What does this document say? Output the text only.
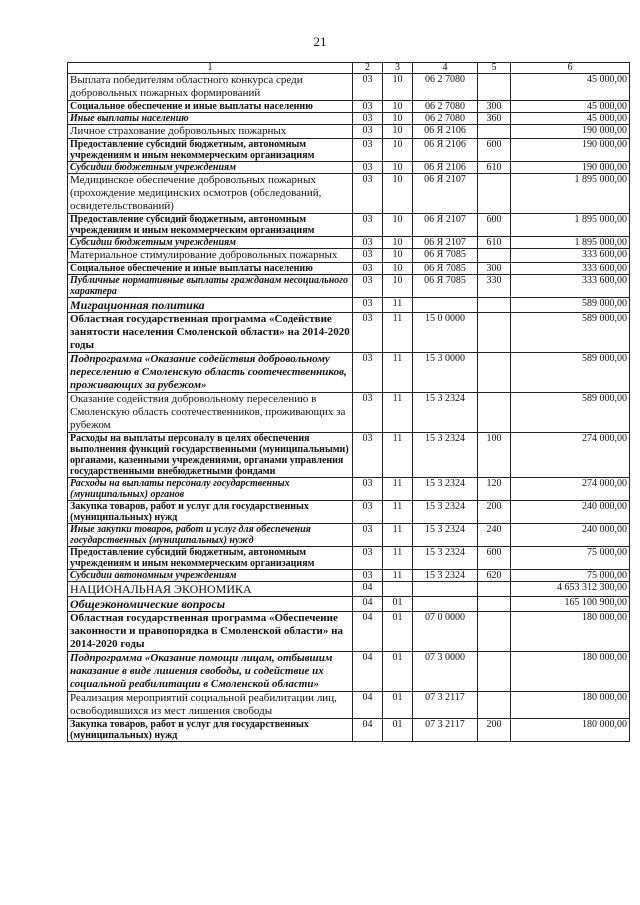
21
1	2	3	4	5	6
Выплата победителям областного конкурса среди добровольных пожарных формирований	03	10	06 2 7080		45 000,00
Социальное обеспечение и иные выплаты населению	03	10	06 2 7080	300	45 000,00
Иные выплаты населению	03	10	06 2 7080	360	45 000,00
Личное страхование добровольных пожарных	03	10	06 Я 2106		190 000,00
Предоставление субсидий бюджетным, автономным учреждениям и иным некоммерческим организациям	03	10	06 Я 2106	600	190 000,00
Субсидии бюджетным учреждениям	03	10	06 Я 2106	610	190 000,00
Медицинское обеспечение добровольных пожарных (прохождение медицинских осмотров (обследований, освидетельствований)	03	10	06 Я 2107		1 895 000,00
Предоставление субсидий бюджетным, автономным учреждениям и иным некоммерческим организациям	03	10	06 Я 2107	600	1 895 000,00
Субсидии бюджетным учреждениям	03	10	06 Я 2107	610	1 895 000,00
Материальное стимулирование добровольных пожарных	03	10	06 Я 7085		333 600,00
Социальное обеспечение и иные выплаты населению	03	10	06 Я 7085	300	333 600,00
Публичные нормативные выплаты гражданам несоциального характера	03	10	06 Я 7085	330	333 600,00
Миграционная политика	03	11			589 000,00
Областная государственная программа «Содействие занятости населения Смоленской области» на 2014-2020 годы	03	11	15 0 0000		589 000,00
Подпрограмма «Оказание содействия добровольному переселению в Смоленскую область соотечественников, проживающих за рубежом»	03	11	15 3 0000		589 000,00
Оказание содействия добровольному переселению в Смоленскую область соотечественников, проживающих за рубежом	03	11	15 3 2324		589 000,00
Расходы на выплаты персоналу в целях обеспечения выполнения функций государственными (муниципальными) органами, казенными учреждениями, органами управления государственными внебюджетными фондами	03	11	15 3 2324	100	274 000,00
Расходы на выплаты персоналу государственных (муниципальных) органов	03	11	15 3 2324	120	274 000,00
Закупка товаров, работ и услуг для государственных (муниципальных) нужд	03	11	15 3 2324	200	240 000,00
Иные закупки товаров, работ и услуг для обеспечения государственных (муниципальных) нужд	03	11	15 3 2324	240	240 000,00
Предоставление субсидий бюджетным, автономным учреждениям и иным некоммерческим организациям	03	11	15 3 2324	600	75 000,00
Субсидии автономным учреждениям	03	11	15 3 2324	620	75 000,00
НАЦИОНАЛЬНАЯ ЭКОНОМИКА	04				4 653 312 300,00
Общеэкономические вопросы	04	01			165 100 900,00
Областная государственная программа «Обеспечение законности и правопорядка в Смоленской области» на 2014-2020 годы	04	01	07 0 0000		180 000,00
Подпрограмма «Оказание помощи лицам, отбывшим наказание в виде лишения свободы, и содействие их социальной реабилитации в Смоленской области»	04	01	07 3 0000		180 000,00
Реализация мероприятий социальной реабилитации лиц, освободившихся из мест лишения свободы	04	01	07 3 2117		180 000,00
Закупка товаров, работ и услуг для государственных (муниципальных) нужд	04	01	07 3 2117	200	180 000,00
